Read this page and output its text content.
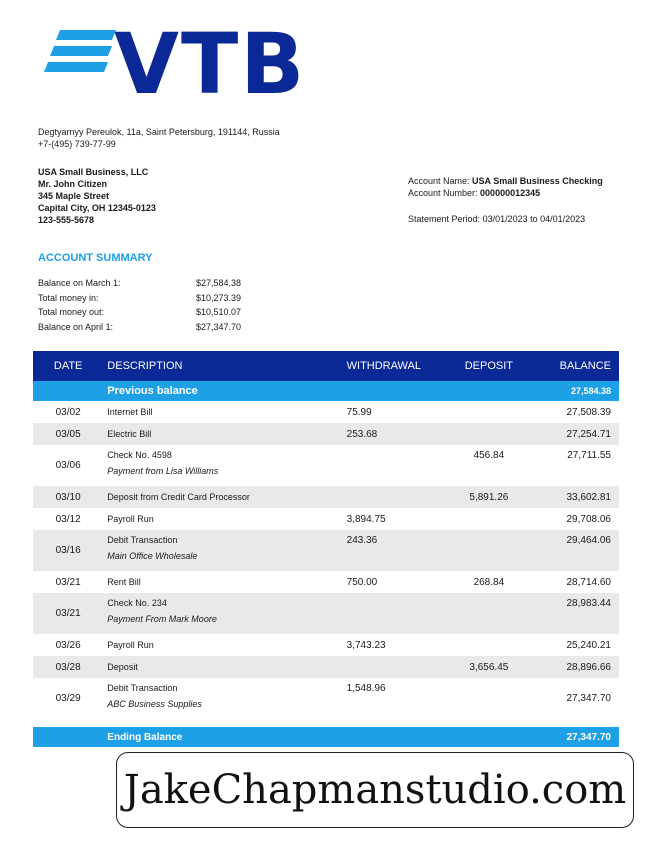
VTB
Degtyarnyy Pereulok, 11a, Saint Petersburg, 191144, Russia
+7-(495) 739-77-99
USA Small Business, LLC
Mr. John Citizen
345 Maple Street
Capital City, OH 12345-0123
123-555-5678
Account Name: USA Small Business Checking
Account Number: 000000012345
Statement Period: 03/01/2023 to 04/01/2023
ACCOUNT SUMMARY
Balance on March 1:	$27,584.38
Total money in:	$10,273.39
Total money out:	$10,510.07
Balance on April 1:	$27,347.70
DATE	DESCRIPTION	WITHDRAWAL	DEPOSIT	BALANCE
	Previous balance			27,584.38
03/02	Internet Bill	75.99		27,508.39
03/05	Electric Bill	253.68		27,254.71
03/06	Check No. 4598
Payment from Lisa Williams		456.84	27,711.55
03/10	Deposit from Credit Card Processor		5,891.26	33,602.81
03/12	Payroll Run	3,894.75		29,708.06
03/16	Debit Transaction
Main Office Wholesale	243.36		29,464.06
03/21	Rent Bill	750.00	268.84	28,714.60
03/21	Check No. 234
Payment From Mark Moore			28,983.44
03/26	Payroll Run	3,743.23		25,240.21
03/28	Deposit		3,656.45	28,896.66
03/29	Debit Transaction
ABC Business Supplies	1,548.96		27,347.70

	Ending Balance			27,347.70
JakeChapmanstudio.com
